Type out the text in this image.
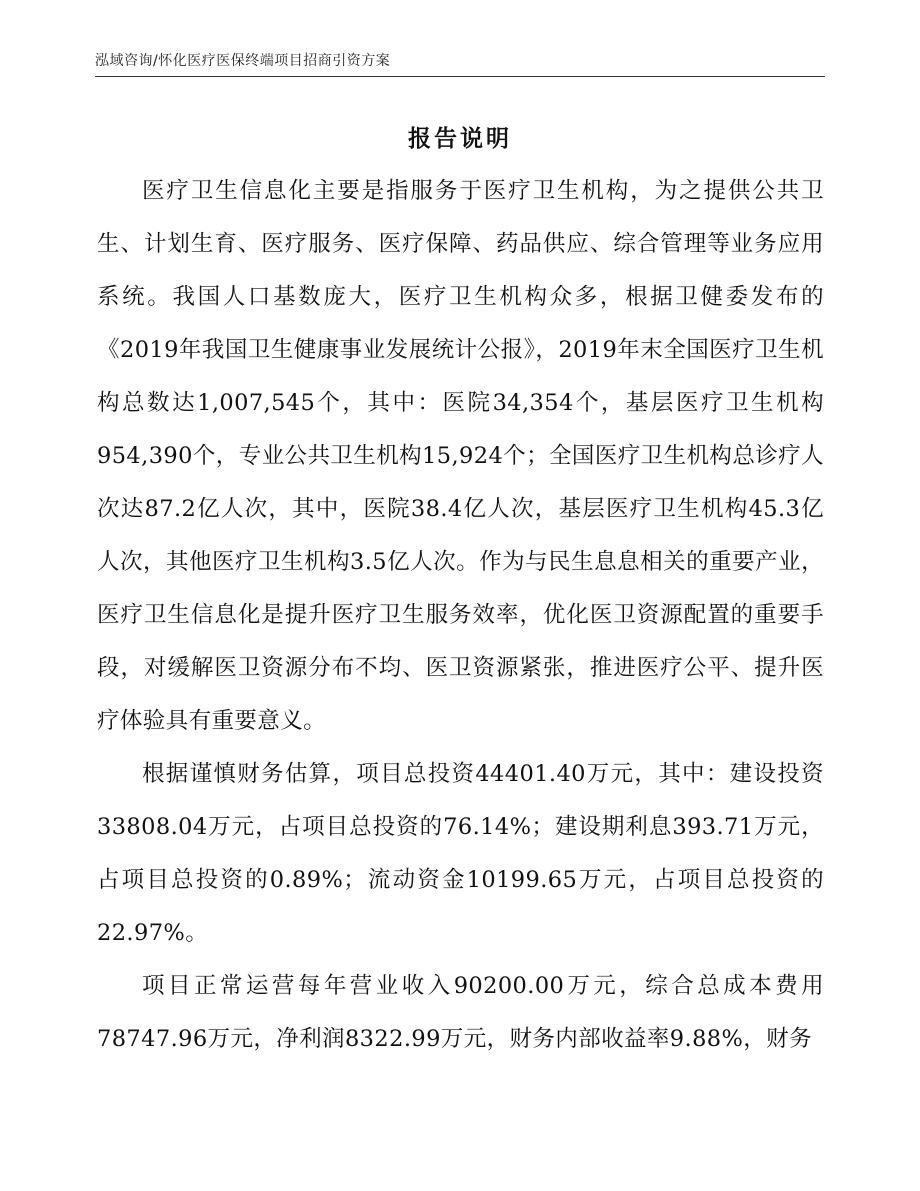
泓域咨询/怀化医疗医保终端项目招商引资方案
报告说明

医疗卫生信息化主要是指服务于医疗卫生机构，为之提供公共卫生、计划生育、医疗服务、医疗保障、药品供应、综合管理等业务应用系统。我国人口基数庞大，医疗卫生机构众多，根据卫健委发布的《2019年我国卫生健康事业发展统计公报》，2019年末全国医疗卫生机构总数达1,007,545个，其中：医院34,354个，基层医疗卫生机构954,390个，专业公共卫生机构15,924个；全国医疗卫生机构总诊疗人次达87.2亿人次，其中，医院38.4亿人次，基层医疗卫生机构45.3亿人次，其他医疗卫生机构3.5亿人次。作为与民生息息相关的重要产业，医疗卫生信息化是提升医疗卫生服务效率，优化医卫资源配置的重要手段，对缓解医卫资源分布不均、医卫资源紧张，推进医疗公平、提升医疗体验具有重要意义。

根据谨慎财务估算，项目总投资44401.40万元，其中：建设投资33808.04万元，占项目总投资的76.14%；建设期利息393.71万元，占项目总投资的0.89%；流动资金10199.65万元，占项目总投资的22.97%。

项目正常运营每年营业收入90200.00万元，综合总成本费用78747.96万元，净利润8322.99万元，财务内部收益率9.88%，财务
